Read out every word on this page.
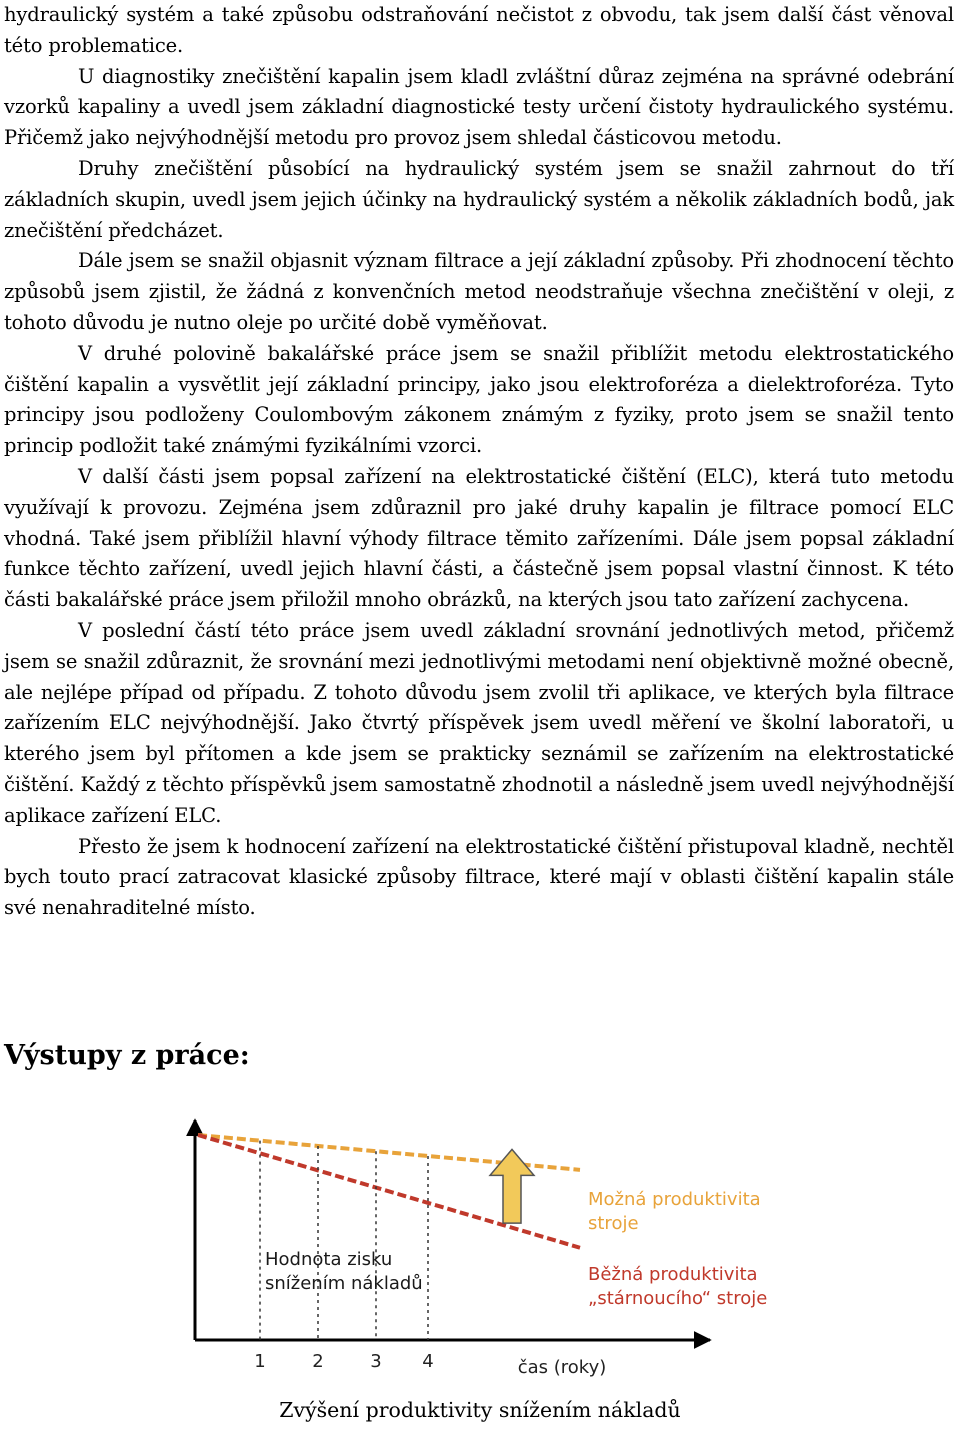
hydraulický systém a také způsobu odstraňování nečistot z obvodu, tak jsem další část věnoval této problematice.

U diagnostiky znečištění kapalin jsem kladl zvláštní důraz zejména na správné odebrání vzorků kapaliny a uvedl jsem základní diagnostické testy určení čistoty hydraulického systému. Přičemž jako nejvýhodnější metodu pro provoz jsem shledal částicovou metodu.

Druhy znečištění působící na hydraulický systém jsem se snažil zahrnout do tří základních skupin, uvedl jsem jejich účinky na hydraulický systém a několik základních bodů, jak znečištění předcházet.

Dále jsem se snažil objasnit význam filtrace a její základní způsoby. Při zhodnocení těchto způsobů jsem zjistil, že žádná z konvenčních metod neodstraňuje všechna znečištění v oleji, z tohoto důvodu je nutno oleje po určité době vyměňovat.

V druhé polovině bakalářské práce jsem se snažil přiblížit metodu elektrostatického čištění kapalin a vysvětlit její základní principy, jako jsou elektroforéza a dielektroforéza. Tyto principy jsou podloženy Coulombovým zákonem známým z fyziky, proto jsem se snažil tento princip podložit také známými fyzikálními vzorci.

V další části jsem popsal zařízení na elektrostatické čištění (ELC), která tuto metodu využívají k provozu. Zejména jsem zdůraznil pro jaké druhy kapalin je filtrace pomocí ELC vhodná. Také jsem přiblížil hlavní výhody filtrace těmito zařízeními. Dále jsem popsal základní funkce těchto zařízení, uvedl jejich hlavní části, a částečně jsem popsal vlastní činnost. K této části bakalářské práce jsem přiložil mnoho obrázků, na kterých jsou tato zařízení zachycena.

V poslední částí této práce jsem uvedl základní srovnání jednotlivých metod, přičemž jsem se snažil zdůraznit, že srovnání mezi jednotlivými metodami není objektivně možné obecně, ale nejlépe případ od případu. Z tohoto důvodu jsem zvolil tři aplikace, ve kterých byla filtrace zařízením ELC nejvýhodnější. Jako čtvrtý příspěvek jsem uvedl měření ve školní laboratoři, u kterého jsem byl přítomen a kde jsem se prakticky seznámil se zařízením na elektrostatické čištění. Každý z těchto příspěvků jsem samostatně zhodnotil a následně jsem uvedl nejvýhodnější aplikace zařízení ELC.

Přesto že jsem k hodnocení zařízení na elektrostatické čištění přistupoval kladně, nechtěl bych touto prací zatracovat klasické způsoby filtrace, které mají v oblasti čištění kapalin stále své nenahraditelné místo.

Výstupy z práce:
1	2	3 4	čas (roky)
Hodnota zisku
snížením nákladů
Možná produktivita
stroje
Běžná produktivita
„stárnoucího“ stroje

Zvýšení produktivity snížením nákladů
